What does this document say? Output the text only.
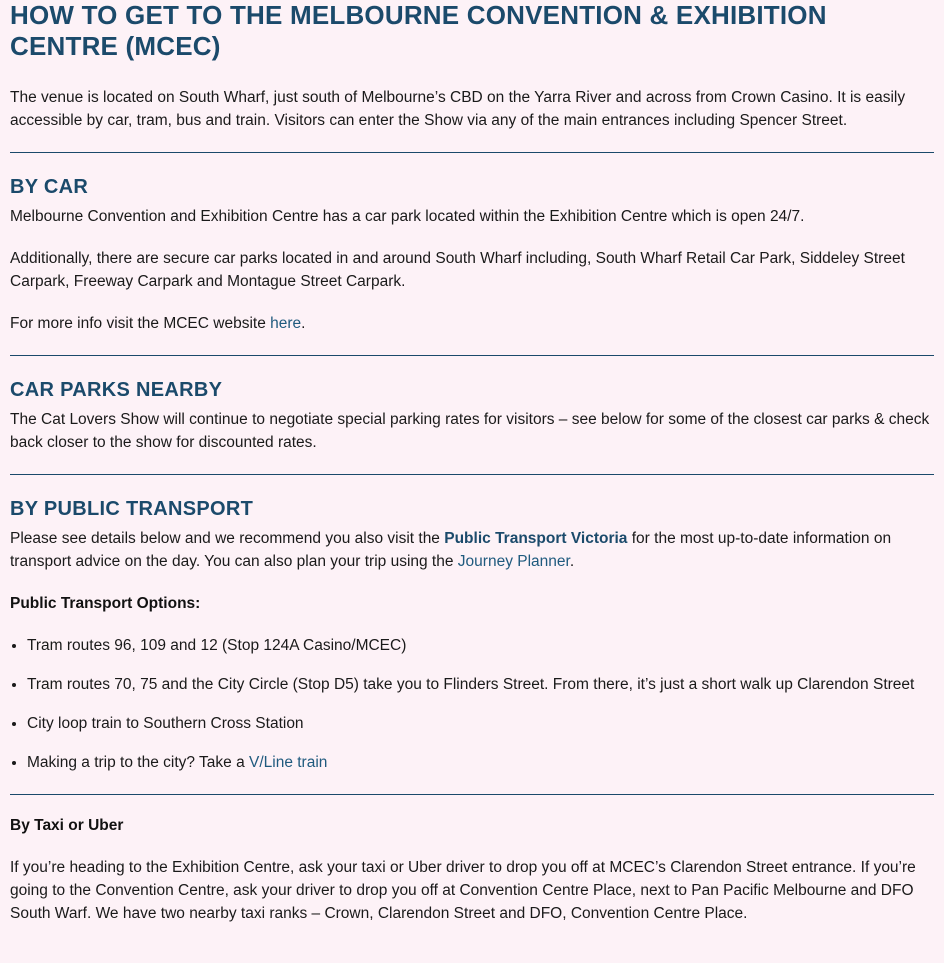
HOW TO GET TO THE MELBOURNE CONVENTION & EXHIBITION CENTRE (MCEC)

The venue is located on South Wharf, just south of Melbourne’s CBD on the Yarra River and across from Crown Casino. It is easily accessible by car, tram, bus and train. Visitors can enter the Show via any of the main entrances including Spencer Street.

BY CAR

Melbourne Convention and Exhibition Centre has a car park located within the Exhibition Centre which is open 24/7.

Additionally, there are secure car parks located in and around South Wharf including, South Wharf Retail Car Park, Siddeley Street Carpark, Freeway Carpark and Montague Street Carpark.

For more info visit the MCEC website here.

CAR PARKS NEARBY

The Cat Lovers Show will continue to negotiate special parking rates for visitors – see below for some of the closest car parks & check back closer to the show for discounted rates.

BY PUBLIC TRANSPORT

Please see details below and we recommend you also visit the Public Transport Victoria for the most up-to-date information on transport advice on the day. You can also plan your trip using the Journey Planner.

Public Transport Options:

• Tram routes 96, 109 and 12 (Stop 124A Casino/MCEC)
• Tram routes 70, 75 and the City Circle (Stop D5) take you to Flinders Street. From there, it’s just a short walk up Clarendon Street
• City loop train to Southern Cross Station
• Making a trip to the city? Take a V/Line train

By Taxi or Uber

If you’re heading to the Exhibition Centre, ask your taxi or Uber driver to drop you off at MCEC’s Clarendon Street entrance. If you’re going to the Convention Centre, ask your driver to drop you off at Convention Centre Place, next to Pan Pacific Melbourne and DFO South Warf. We have two nearby taxi ranks – Crown, Clarendon Street and DFO, Convention Centre Place.
